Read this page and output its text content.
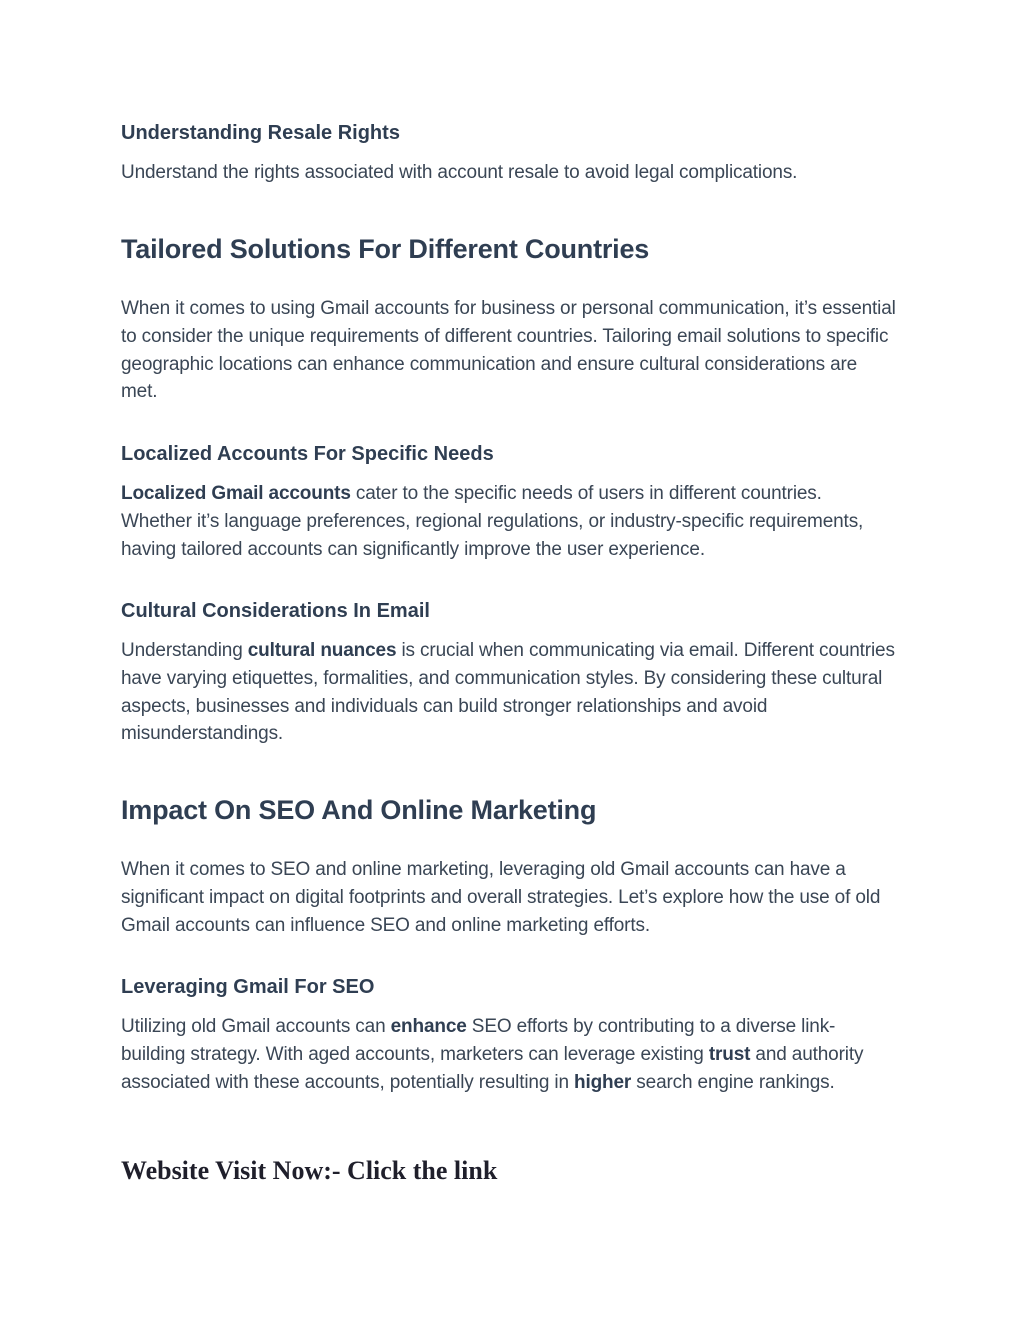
Understanding Resale Rights

Understand the rights associated with account resale to avoid legal complications.

Tailored Solutions For Different Countries

When it comes to using Gmail accounts for business or personal communication, it’s essential to consider the unique requirements of different countries. Tailoring email solutions to specific geographic locations can enhance communication and ensure cultural considerations are met.

Localized Accounts For Specific Needs

Localized Gmail accounts cater to the specific needs of users in different countries. Whether it’s language preferences, regional regulations, or industry-specific requirements, having tailored accounts can significantly improve the user experience.

Cultural Considerations In Email

Understanding cultural nuances is crucial when communicating via email. Different countries have varying etiquettes, formalities, and communication styles. By considering these cultural aspects, businesses and individuals can build stronger relationships and avoid misunderstandings.

Impact On SEO And Online Marketing

When it comes to SEO and online marketing, leveraging old Gmail accounts can have a significant impact on digital footprints and overall strategies. Let’s explore how the use of old Gmail accounts can influence SEO and online marketing efforts.

Leveraging Gmail For SEO

Utilizing old Gmail accounts can enhance SEO efforts by contributing to a diverse link-building strategy. With aged accounts, marketers can leverage existing trust and authority associated with these accounts, potentially resulting in higher search engine rankings.

Website Visit Now:- Click the link
